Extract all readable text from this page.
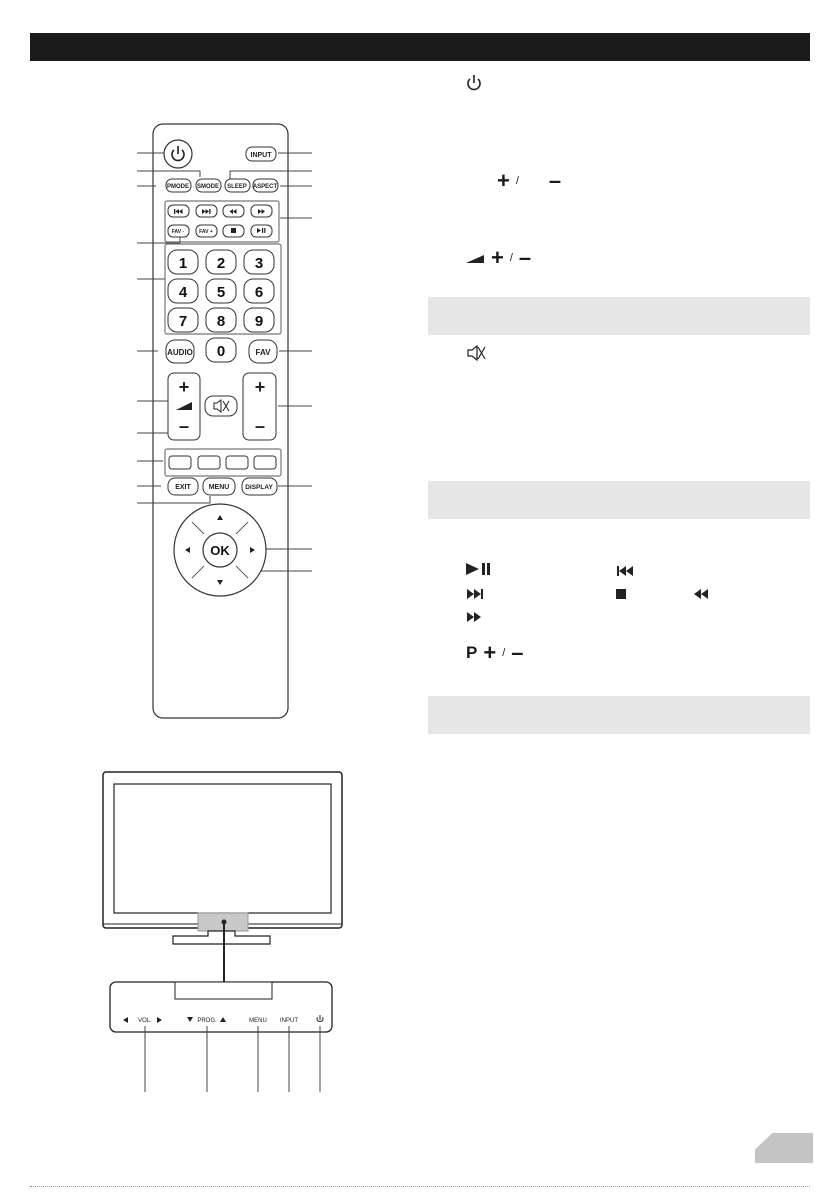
INPUT
PMODE SMODE SLEEP ASPECT
FAV -	FAV +
1 2 3
4 5 6
7 8 9
0
AUDIO	FAV
+
–
+
–
EXIT	MENU DISPLAY
OK
VOL.	PROG.	MENU INPUT
+ / –
+ / –
P + / –
